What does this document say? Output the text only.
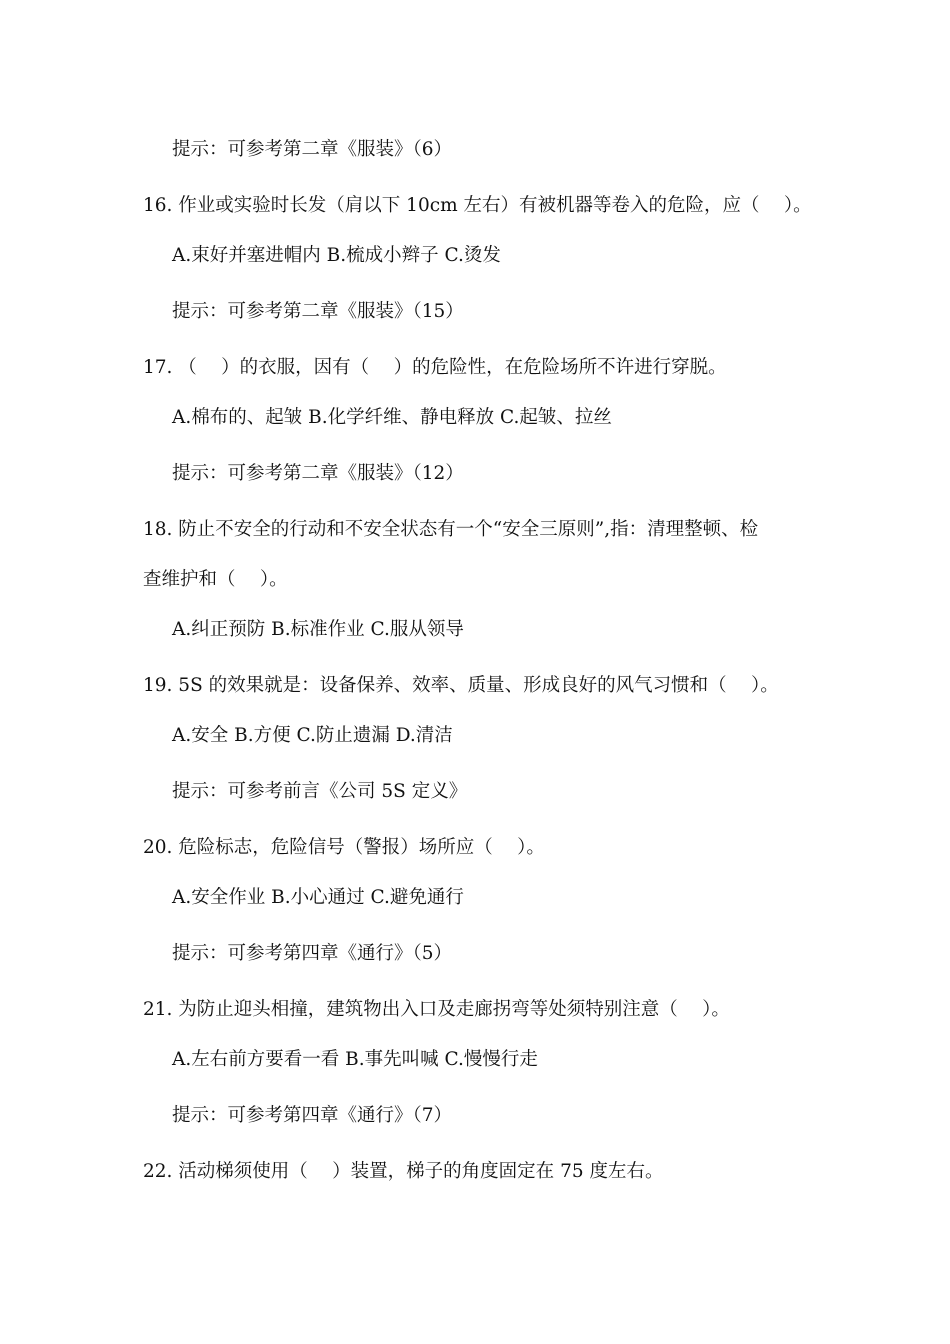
提示：可参考第二章《服装》（6）
16. 作业或实验时长发（肩以下 10cm 左右）有被机器等卷入的危险，应（　 ）。
A.束好并塞进帽内 B.梳成小辫子 C.烫发
提示：可参考第二章《服装》（15）
17. （　 ）的衣服，因有（　 ）的危险性，在危险场所不许进行穿脱。
A.棉布的、起皱 B.化学纤维、静电释放 C.起皱、拉丝
提示：可参考第二章《服装》（12）
18. 防止不安全的行动和不安全状态有一个“安全三原则”,指：清理整顿、检
查维护和（　 ）。
A.纠正预防 B.标准作业 C.服从领导
19. 5S 的效果就是：设备保养、效率、质量、形成良好的风气习惯和（　 ）。
A.安全 B.方便 C.防止遗漏 D.清洁
提示：可参考前言《公司 5S 定义》
20. 危险标志，危险信号（警报）场所应（　 ）。
A.安全作业 B.小心通过 C.避免通行
提示：可参考第四章《通行》（5）
21. 为防止迎头相撞，建筑物出入口及走廊拐弯等处须特别注意（　 ）。
A.左右前方要看一看 B.事先叫喊 C.慢慢行走
提示：可参考第四章《通行》（7）
22. 活动梯须使用（　 ）装置，梯子的角度固定在 75 度左右。
